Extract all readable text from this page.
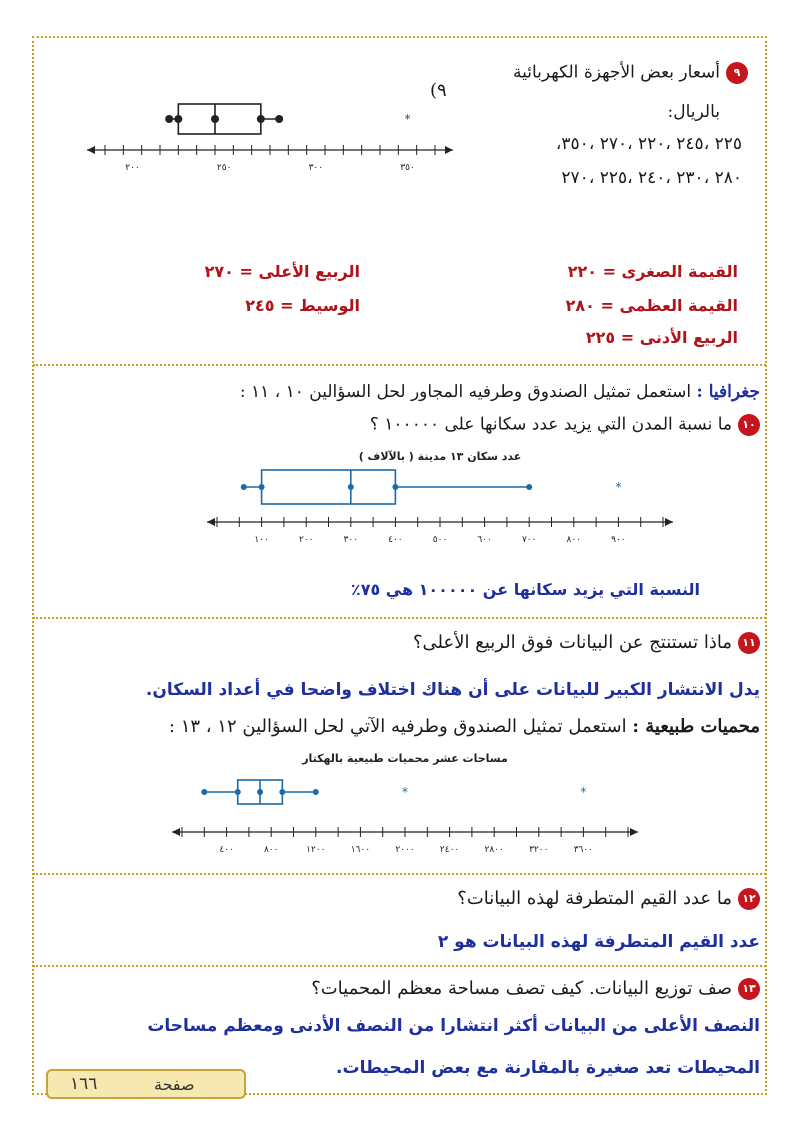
٩أسعار بعض الأجهزة الكهربائية
بالريال:
٢٢٥ ،٢٤٥ ،٢٢٠ ،٢٧٠ ،٣٥٠،
٢٨٠ ،٢٣٠ ،٢٤٠ ،٢٢٥ ،٢٧٠
(٩
٢٠٠	٢٥٠	٣٠٠	٣٥٠
*
القيمة الصغرى = ٢٢٠
القيمة العظمى = ٢٨٠
الربيع الأدنى = ٢٢٥
الربيع الأعلى = ٢٧٠
الوسيط = ٢٤٥
جغرافيا : استعمل تمثيل الصندوق وطرفيه المجاور لحل السؤالين ١٠ ، ١١ :
١٠ما نسبة المدن التي يزيد عدد سكانها على ١٠٠٠٠٠ ؟
عدد سكان ١٣ مدينة ( بالآلاف )
١٠٠	٢٠٠	٣٠٠	٤٠٠	٥٠٠	٦٠٠	٧٠٠	٨٠٠	٩٠٠
*
النسبة التي يزيد سكانها عن ١٠٠٠٠٠ هي ٧٥٪
١١ماذا تستنتج عن البيانات فوق الربيع الأعلى؟
يدل الانتشار الكبير للبيانات على أن هناك اختلاف واضحا في أعداد السكان.
محميات طبيعية : استعمل تمثيل الصندوق وطرفيه الآتي لحل السؤالين ١٢ ، ١٣ :
مساحات عشر محميات طبيعية بالهكتار
٤٠٠	٨٠٠	١٢٠٠	١٦٠٠	٢٠٠٠	٢٤٠٠	٢٨٠٠	٣٢٠٠	٣٦٠٠
*	*
١٢ما عدد القيم المتطرفة لهذه البيانات؟
عدد القيم المتطرفة لهذه البيانات هو ٢
١٣صف توزيع البيانات. كيف تصف مساحة معظم المحميات؟
النصف الأعلى من البيانات أكثر انتشارا من النصف الأدنى ومعظم مساحات
١٦٦	صفحة
المحيطات تعد صغيرة بالمقارنة مع بعض المحيطات.
